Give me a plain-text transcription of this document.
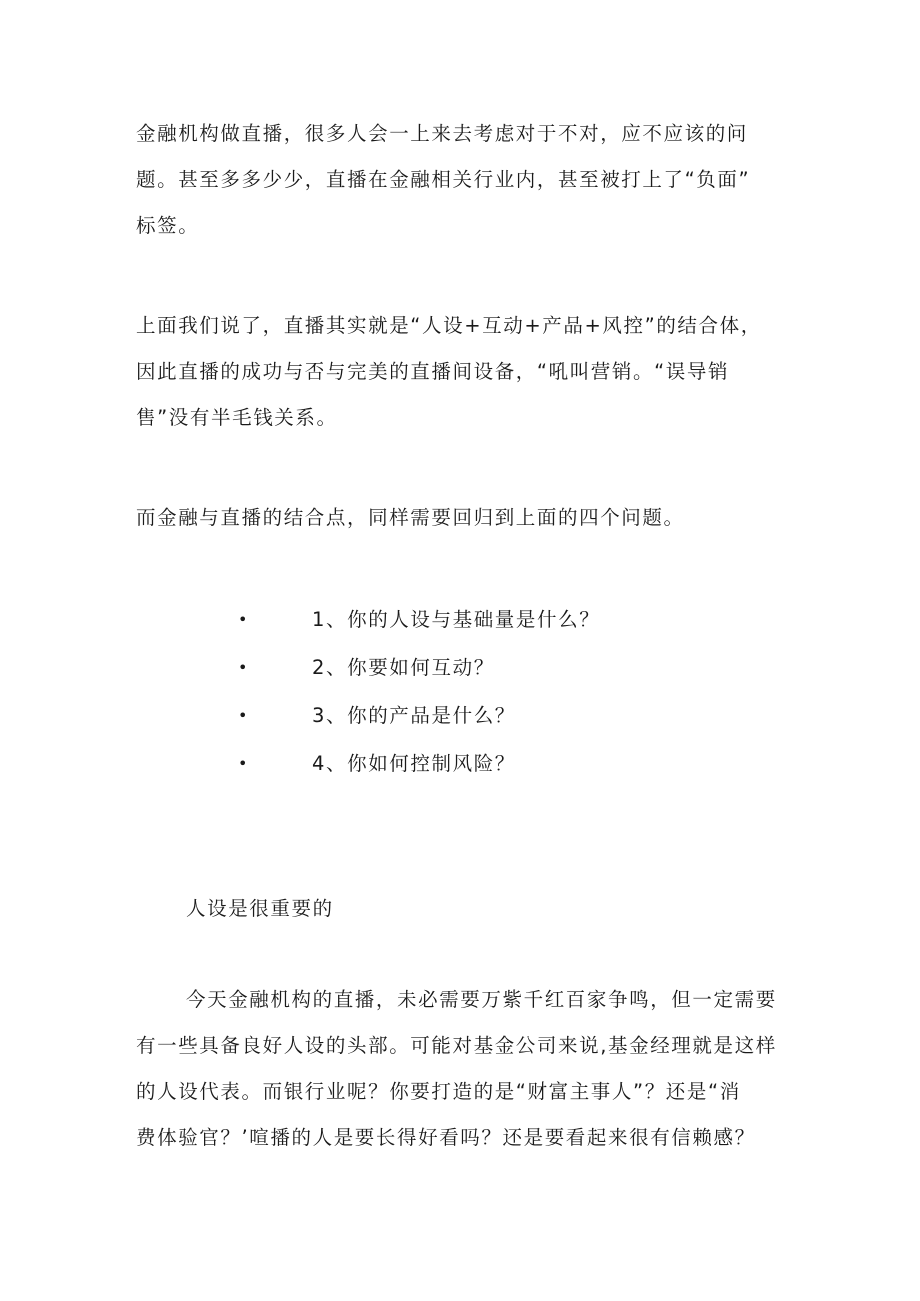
金融机构做直播，很多人会一上来去考虑对于不对，应不应该的问
题。甚至多多少少，直播在金融相关行业内，甚至被打上了“负面”
标签。

上面我们说了，直播其实就是“人设+互动+产品+风控”的结合体，
因此直播的成功与否与完美的直播间设备，“吼叫营销。“误导销
售”没有半毛钱关系。

而金融与直播的结合点，同样需要回归到上面的四个问题。

•	1、你的人设与基础量是什么？
•	2、你要如何互动？
•	3、你的产品是什么？
•	4、你如何控制风险？
人设是很重要的

今天金融机构的直播，未必需要万紫千红百家争鸣，但一定需要
有一些具备良好人设的头部。可能对基金公司来说,基金经理就是这样
的人设代表。而银行业呢？你要打造的是“财富主事人”？还是“消
费体验官？’喧播的人是要长得好看吗？还是要看起来很有信赖感？
